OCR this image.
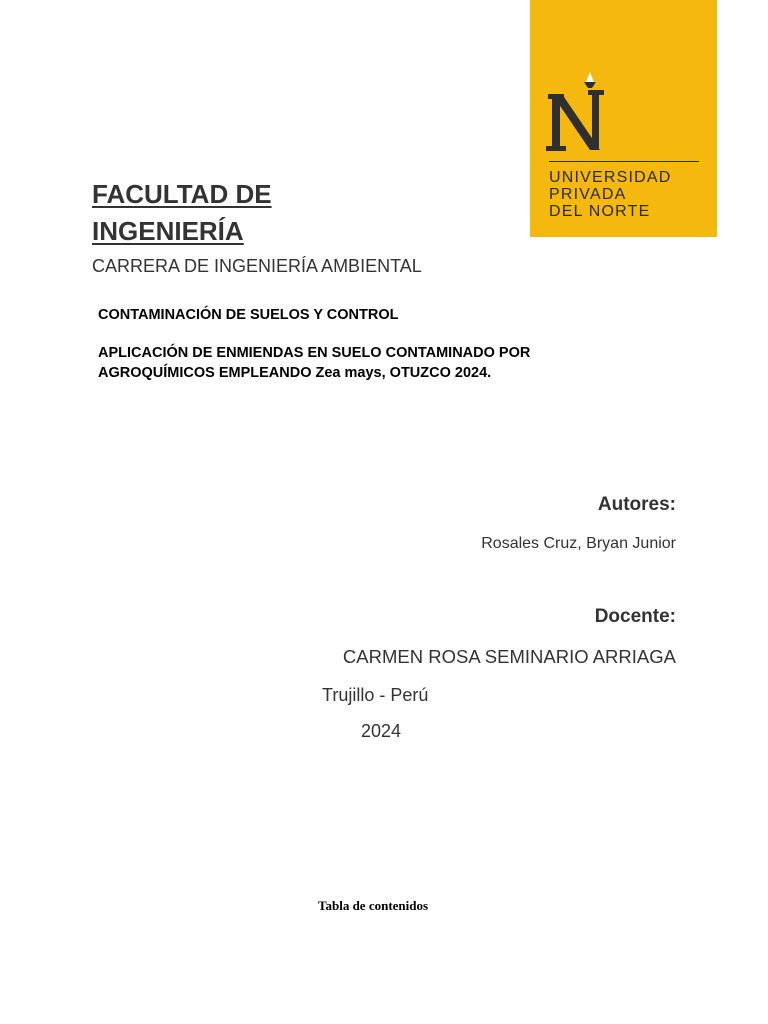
UNIVERSIDAD
PRIVADA
DEL NORTE
FACULTAD DE
INGENIERÍA
CARRERA DE INGENIERÍA AMBIENTAL
CONTAMINACIÓN DE SUELOS Y CONTROL
APLICACIÓN DE ENMIENDAS EN SUELO CONTAMINADO POR
AGROQUÍMICOS EMPLEANDO Zea mays, OTUZCO 2024.
Autores:
Rosales Cruz, Bryan Junior
Docente:
CARMEN ROSA SEMINARIO ARRIAGA
Trujillo - Perú
2024
Tabla de contenidos
